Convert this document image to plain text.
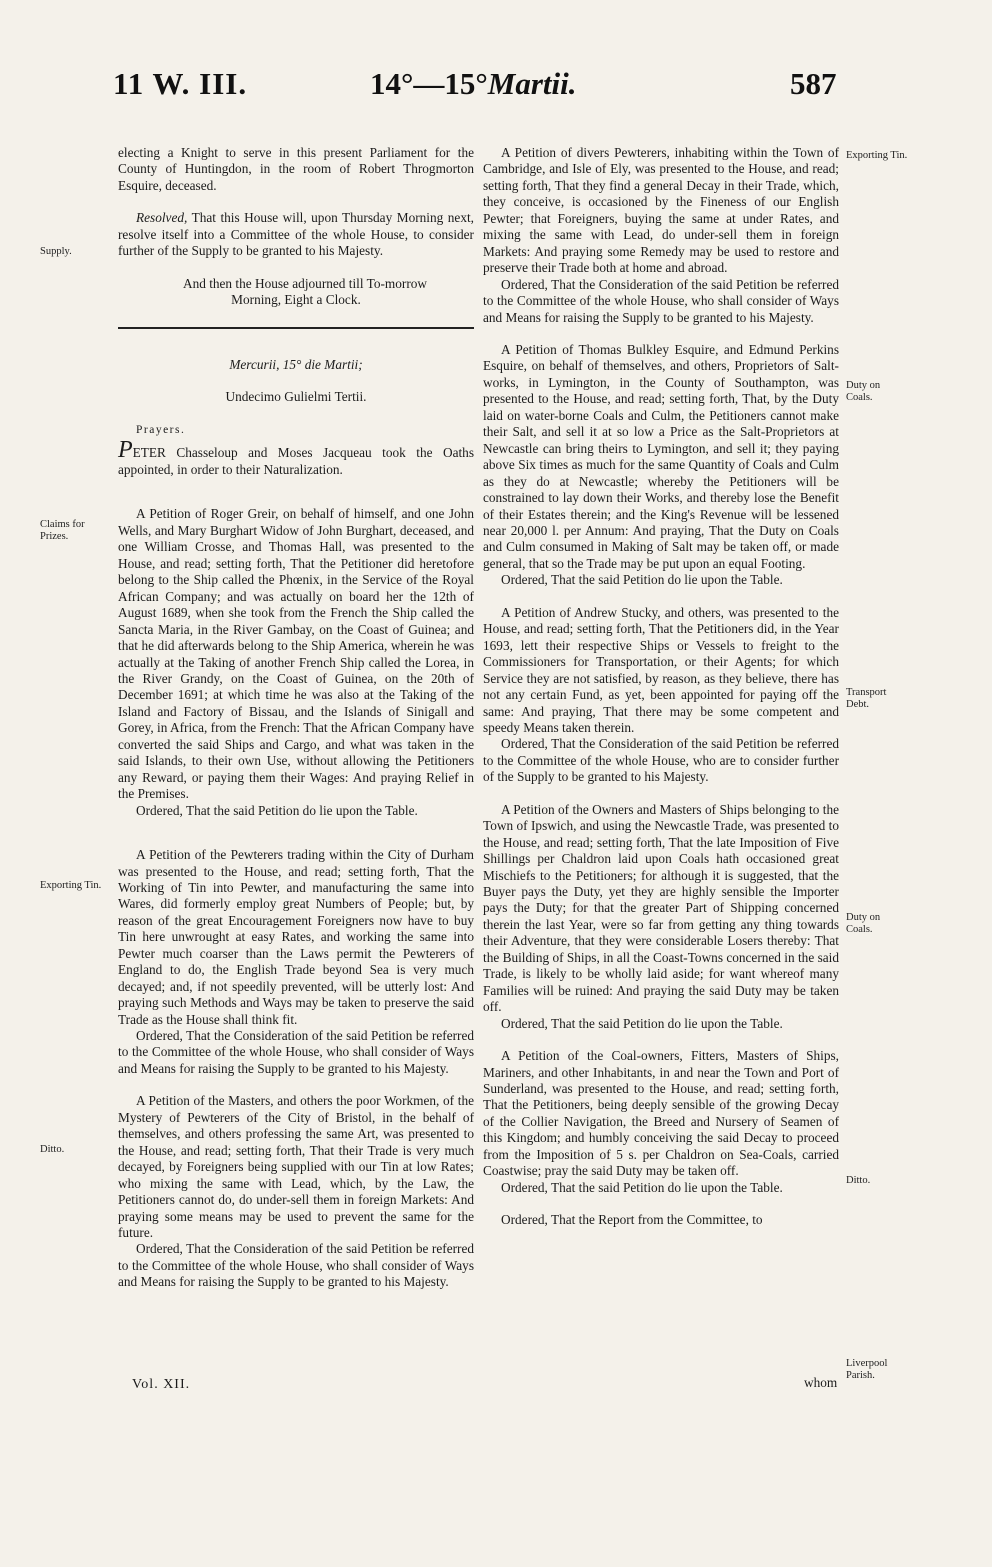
11 W. III.	14°—15°Martii.	587

electing a Knight to serve in this present Parliament for the County of Huntingdon, in the room of Robert Throgmorton Esquire, deceased.

Resolved, That this House will, upon Thursday Morning next, resolve itself into a Committee of the whole House, to consider further of the Supply to be granted to his Majesty.

And then the House adjourned till To-morrow Morning, Eight a Clock.

Mercurii, 15° die Martii;

Undecimo Gulielmi Tertii.

Prayers.

PETER Chasseloup and Moses Jacqueau took the Oaths appointed, in order to their Naturalization.

A Petition of Roger Greir, on behalf of himself, and one John Wells, and Mary Burghart Widow of John Burghart, deceased, and one William Crosse, and Thomas Hall, was presented to the House, and read; setting forth, That the Petitioner did heretofore belong to the Ship called the Phœnix, in the Service of the Royal African Company; and was actually on board her the 12th of August 1689, when she took from the French the Ship called the Sancta Maria, in the River Gambay, on the Coast of Guinea; and that he did afterwards belong to the Ship America, wherein he was actually at the Taking of another French Ship called the Lorea, in the River Grandy, on the Coast of Guinea, on the 20th of December 1691; at which time he was also at the Taking of the Island and Factory of Bissau, and the Islands of Sinigall and Gorey, in Africa, from the French: That the African Company have converted the said Ships and Cargo, and what was taken in the said Islands, to their own Use, without allowing the Petitioners any Reward, or paying them their Wages: And praying Relief in the Premises.

Ordered, That the said Petition do lie upon the Table.

A Petition of the Pewterers trading within the City of Durham was presented to the House, and read; setting forth, That the Working of Tin into Pewter, and manufacturing the same into Wares, did formerly employ great Numbers of People; but, by reason of the great Encouragement Foreigners now have to buy Tin here unwrought at easy Rates, and working the same into Pewter much coarser than the Laws permit the Pewterers of England to do, the English Trade beyond Sea is very much decayed; and, if not speedily prevented, will be utterly lost: And praying such Methods and Ways may be taken to preserve the said Trade as the House shall think fit.

Ordered, That the Consideration of the said Petition be referred to the Committee of the whole House, who shall consider of Ways and Means for raising the Supply to be granted to his Majesty.

A Petition of the Masters, and others the poor Workmen, of the Mystery of Pewterers of the City of Bristol, in the behalf of themselves, and others professing the same Art, was presented to the House, and read; setting forth, That their Trade is very much decayed, by Foreigners being supplied with our Tin at low Rates; who mixing the same with Lead, which, by the Law, the Petitioners cannot do, do under-sell them in foreign Markets: And praying some means may be used to prevent the same for the future.

Ordered, That the Consideration of the said Petition be referred to the Committee of the whole House, who shall consider of Ways and Means for raising the Supply to be granted to his Majesty.

A Petition of divers Pewterers, inhabiting within the Town of Cambridge, and Isle of Ely, was presented to the House, and read; setting forth, That they find a general Decay in their Trade, which, they conceive, is occasioned by the Fineness of our English Pewter; that Foreigners, buying the same at under Rates, and mixing the same with Lead, do under-sell them in foreign Markets: And praying some Remedy may be used to restore and preserve their Trade both at home and abroad.

Ordered, That the Consideration of the said Petition be referred to the Committee of the whole House, who shall consider of Ways and Means for raising the Supply to be granted to his Majesty.

A Petition of Thomas Bulkley Esquire, and Edmund Perkins Esquire, on behalf of themselves, and others, Proprietors of Salt-works, in Lymington, in the County of Southampton, was presented to the House, and read; setting forth, That, by the Duty laid on water-borne Coals and Culm, the Petitioners cannot make their Salt, and sell it at so low a Price as the Salt-Proprietors at Newcastle can bring theirs to Lymington, and sell it; they paying above Six times as much for the same Quantity of Coals and Culm as they do at Newcastle; whereby the Petitioners will be constrained to lay down their Works, and thereby lose the Benefit of their Estates therein; and the King's Revenue will be lessened near 20,000 l. per Annum: And praying, That the Duty on Coals and Culm consumed in Making of Salt may be taken off, or made general, that so the Trade may be put upon an equal Footing.

Ordered, That the said Petition do lie upon the Table.

A Petition of Andrew Stucky, and others, was presented to the House, and read; setting forth, That the Petitioners did, in the Year 1693, lett their respective Ships or Vessels to freight to the Commissioners for Transportation, or their Agents; for which Service they are not satisfied, by reason, as they believe, there has not any certain Fund, as yet, been appointed for paying off the same: And praying, That there may be some competent and speedy Means taken therein.

Ordered, That the Consideration of the said Petition be referred to the Committee of the whole House, who are to consider further of the Supply to be granted to his Majesty.

A Petition of the Owners and Masters of Ships belonging to the Town of Ipswich, and using the Newcastle Trade, was presented to the House, and read; setting forth, That the late Imposition of Five Shillings per Chaldron laid upon Coals hath occasioned great Mischiefs to the Petitioners; for although it is suggested, that the Buyer pays the Duty, yet they are highly sensible the Importer pays the Duty; for that the greater Part of Shipping concerned therein the last Year, were so far from getting any thing towards their Adventure, that they were considerable Losers thereby: That the Building of Ships, in all the Coast-Towns concerned in the said Trade, is likely to be wholly laid aside; for want whereof many Families will be ruined: And praying the said Duty may be taken off.

Ordered, That the said Petition do lie upon the Table.

A Petition of the Coal-owners, Fitters, Masters of Ships, Mariners, and other Inhabitants, in and near the Town and Port of Sunderland, was presented to the House, and read; setting forth, That the Petitioners, being deeply sensible of the growing Decay of the Collier Navigation, the Breed and Nursery of Seamen of this Kingdom; and humbly conceiving the said Decay to proceed from the Imposition of 5 s. per Chaldron on Sea-Coals, carried Coastwise; pray the said Duty may be taken off.

Ordered, That the said Petition do lie upon the Table.

Ordered, That the Report from the Committee, to

Supply.
Claims for Prizes.
Exporting Tin.
Ditto.
Exporting Tin.
Duty on Coals.
Transport Debt.
Duty on Coals.
Ditto.
Liverpool Parish.
Vol. XII.	whom
